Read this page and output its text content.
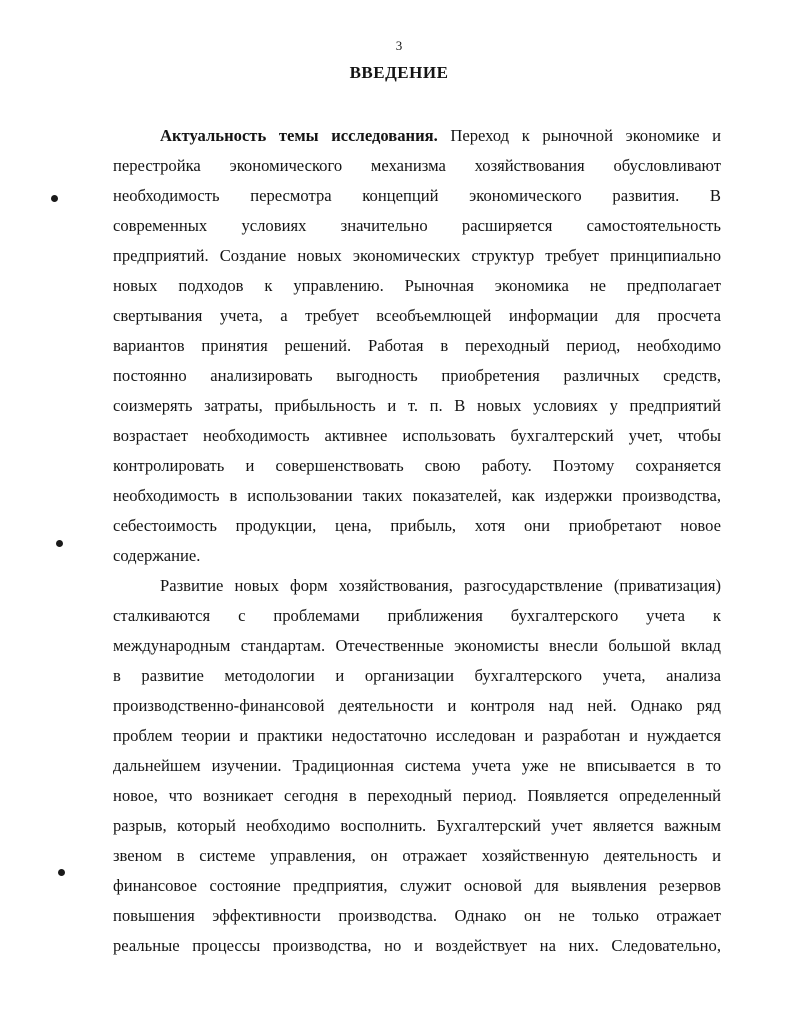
3
ВВЕДЕНИЕ
Актуальность темы исследования. Переход к рыночной экономике и
перестройка экономического механизма хозяйствования обусловливают
необходимость пересмотра концепций экономического развития. В
современных условиях значительно расширяется самостоятельность
предприятий. Создание новых экономических структур требует принципиально
новых подходов к управлению. Рыночная экономика не предполагает
свертывания учета, а требует всеобъемлющей информации для просчета
вариантов принятия решений. Работая в переходный период, необходимо
постоянно анализировать выгодность приобретения различных средств,
соизмерять затраты, прибыльность и т. п. В новых условиях у предприятий
возрастает необходимость активнее использовать бухгалтерский учет, чтобы
контролировать и совершенствовать свою работу. Поэтому сохраняется
необходимость в использовании таких показателей, как издержки производства,
себестоимость продукции, цена, прибыль, хотя они приобретают новое
содержание.
Развитие новых форм хозяйствования, разгосударствление (приватизация)
сталкиваются с проблемами приближения бухгалтерского учета к
международным стандартам. Отечественные экономисты внесли большой вклад
в развитие методологии и организации бухгалтерского учета, анализа
производственно-финансовой деятельности и контроля над ней. Однако ряд
проблем теории и практики недостаточно исследован и разработан и нуждается
дальнейшем изучении. Традиционная система учета уже не вписывается в то
новое, что возникает сегодня в переходный период. Появляется определенный
разрыв, который необходимо восполнить. Бухгалтерский учет является важным
звеном в системе управления, он отражает хозяйственную деятельность и
финансовое состояние предприятия, служит основой для выявления резервов
повышения эффективности производства. Однако он не только отражает
реальные процессы производства, но и воздействует на них. Следовательно,
